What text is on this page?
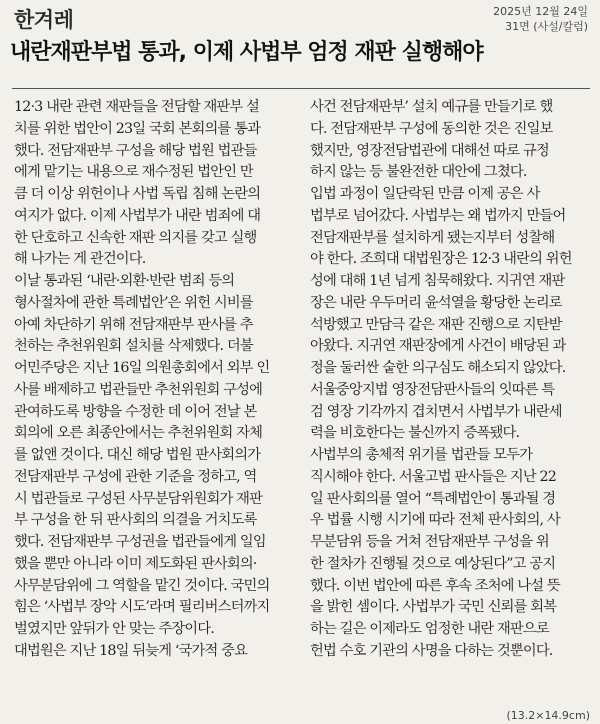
한겨레	2025년 12월 24일
31면 (사설/칼럼)
내란재판부법 통과, 이제 사법부 엄정 재판 실행해야
12·3 내란 관련 재판들을 전담할 재판부 설
치를 위한 법안이 23일 국회 본회의를 통과
했다. 전담재판부 구성을 해당 법원 법관들
에게 맡기는 내용으로 재수정된 법안인 만
큼 더 이상 위헌이나 사법 독립 침해 논란의
여지가 없다. 이제 사법부가 내란 범죄에 대
한 단호하고 신속한 재판 의지를 갖고 실행
해 나가는 게 관건이다.
이날 통과된 ‘내란·외환·반란 범죄 등의
형사절차에 관한 특례법안’은 위헌 시비를
아예 차단하기 위해 전담재판부 판사를 추
천하는 추천위원회 설치를 삭제했다. 더불
어민주당은 지난 16일 의원총회에서 외부 인
사를 배제하고 법관들만 추천위원회 구성에
관여하도록 방향을 수정한 데 이어 전날 본
회의에 오른 최종안에서는 추천위원회 자체
를 없앤 것이다. 대신 해당 법원 판사회의가
전담재판부 구성에 관한 기준을 정하고, 역
시 법관들로 구성된 사무분담위원회가 재판
부 구성을 한 뒤 판사회의 의결을 거치도록
했다. 전담재판부 구성권을 법관들에게 일임
했을 뿐만 아니라 이미 제도화된 판사회의·
사무분담위에 그 역할을 맡긴 것이다. 국민의
힘은 ‘사법부 장악 시도’라며 필리버스터까지
벌였지만 앞뒤가 안 맞는 주장이다.
대법원은 지난 18일 뒤늦게 ‘국가적 중요
사건 전담재판부’ 설치 예규를 만들기로 했
다. 전담재판부 구성에 동의한 것은 진일보
했지만, 영장전담법관에 대해선 따로 규정
하지 않는 등 불완전한 대안에 그쳤다.
입법 과정이 일단락된 만큼 이제 공은 사
법부로 넘어갔다. 사법부는 왜 법까지 만들어
전담재판부를 설치하게 됐는지부터 성찰해
야 한다. 조희대 대법원장은 12·3 내란의 위헌
성에 대해 1년 넘게 침묵해왔다. 지귀연 재판
장은 내란 우두머리 윤석열을 황당한 논리로
석방했고 만담극 같은 재판 진행으로 지탄받
아왔다. 지귀연 재판장에게 사건이 배당된 과
정을 둘러싼 숱한 의구심도 해소되지 않았다.
서울중앙지법 영장전담판사들의 잇따른 특
검 영장 기각까지 겹치면서 사법부가 내란세
력을 비호한다는 불신까지 증폭됐다.
사법부의 총체적 위기를 법관들 모두가
직시해야 한다. 서울고법 판사들은 지난 22
일 판사회의를 열어 “특례법안이 통과될 경
우 법률 시행 시기에 따라 전체 판사회의, 사
무분담위 등을 거쳐 전담재판부 구성을 위
한 절차가 진행될 것으로 예상된다”고 공지
했다. 이번 법안에 따른 후속 조처에 나설 뜻
을 밝힌 셈이다. 사법부가 국민 신뢰를 회복
하는 길은 이제라도 엄정한 내란 재판으로
헌법 수호 기관의 사명을 다하는 것뿐이다.
(13.2×14.9cm)
